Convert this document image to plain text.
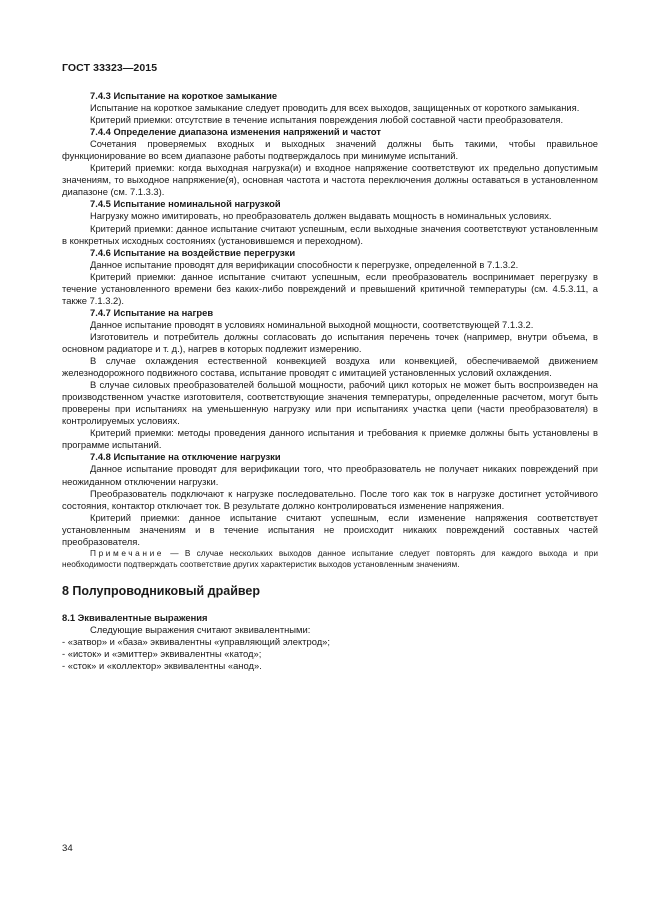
ГОСТ 33323—2015
7.4.3 Испытание на короткое замыкание

Испытание на короткое замыкание следует проводить для всех выходов, защищенных от короткого замыкания.

Критерий приемки: отсутствие в течение испытания повреждения любой составной части преобразователя.

7.4.4 Определение диапазона изменения напряжений и частот

Сочетания проверяемых входных и выходных значений должны быть такими, чтобы правильное функционирование во всем диапазоне работы подтверждалось при минимуме испытаний.

Критерий приемки: когда выходная нагрузка(и) и входное напряжение соответствуют их предельно допустимым значениям, то выходное напряжение(я), основная частота и частота переключения должны оставаться в установленном диапазоне (см. 7.1.3.3).

7.4.5 Испытание номинальной нагрузкой

Нагрузку можно имитировать, но преобразователь должен выдавать мощность в номинальных условиях.

Критерий приемки: данное испытание считают успешным, если выходные значения соответствуют установленным в конкретных исходных состояниях (установившемся и переходном).

7.4.6 Испытание на воздействие перегрузки

Данное испытание проводят для верификации способности к перегрузке, определенной в 7.1.3.2.

Критерий приемки: данное испытание считают успешным, если преобразователь воспринимает перегрузку в течение установленного времени без каких-либо повреждений и превышений критичной температуры (см. 4.5.3.11, а также 7.1.3.2).

7.4.7 Испытание на нагрев

Данное испытание проводят в условиях номинальной выходной мощности, соответствующей 7.1.3.2.

Изготовитель и потребитель должны согласовать до испытания перечень точек (например, внутри объема, в основном радиаторе и т. д.), нагрев в которых подлежит измерению.

В случае охлаждения естественной конвекцией воздуха или конвекцией, обеспечиваемой движением железнодорожного подвижного состава, испытание проводят с имитацией установленных условий охлаждения.

В случае силовых преобразователей большой мощности, рабочий цикл которых не может быть воспроизведен на производственном участке изготовителя, соответствующие значения температуры, определенные расчетом, могут быть проверены при испытаниях на уменьшенную нагрузку или при испытаниях участка цепи (части преобразователя) в контролируемых условиях.

Критерий приемки: методы проведения данного испытания и требования к приемке должны быть установлены в программе испытаний.

7.4.8 Испытание на отключение нагрузки

Данное испытание проводят для верификации того, что преобразователь не получает никаких повреждений при неожиданном отключении нагрузки.

Преобразователь подключают к нагрузке последовательно. После того как ток в нагрузке достигнет устойчивого состояния, контактор отключает ток. В результате должно контролироваться изменение напряжения.

Критерий приемки: данное испытание считают успешным, если изменение напряжения соответствует установленным значениям и в течение испытания не происходит никаких повреждений составных частей преобразователя.

Примечание — В случае нескольких выходов данное испытание следует повторять для каждого выхода и при необходимости подтверждать соответствие других характеристик выходов установленным значениям.

8 Полупроводниковый драйвер
8.1 Эквивалентные выражения

Следующие выражения считают эквивалентными:

- «затвор» и «база» эквивалентны «управляющий электрод»;
- «исток» и «эмиттер» эквивалентны «катод»;
- «сток» и «коллектор» эквивалентны «анод».
34
